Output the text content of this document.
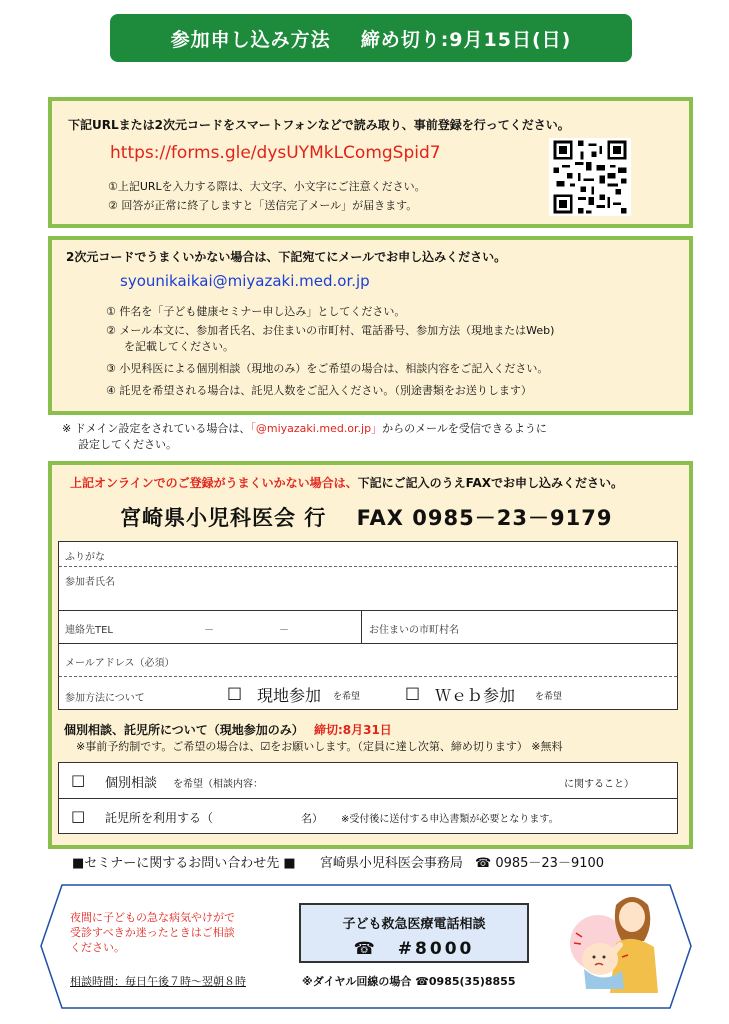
参加申し込み方法 締め切り:9月15日(日)
下記URLまたは2次元コードをスマートフォンなどで読み取り、事前登録を行ってください。
https://forms.gle/dysUYMkLComgSpid7
①上記URLを入力する際は、大文字、小文字にご注意ください。
② 回答が正常に終了しますと「送信完了メール」が届きます。
2次元コードでうまくいかない場合は、下記宛てにメールでお申し込みください。
syounikaikai@miyazaki.med.or.jp
① 件名を「子ども健康セミナー申し込み」としてください。
② メール本文に、参加者氏名、お住まいの市町村、電話番号、参加方法（現地またはWeb)
を記載してください。
③ 小児科医による個別相談（現地のみ）をご希望の場合は、相談内容をご記入ください。
④ 託児を希望される場合は、託児人数をご記入ください。（別途書類をお送りします）
※ ドメイン設定をされている場合は、「@miyazaki.med.or.jp」からのメールを受信できるように
設定してください。
上記オンラインでのご登録がうまくいかない場合は、下記にご記入のうえFAXでお申し込みください。
宮崎県小児科医会 行　 FAX 0985－23－9179
ふりがな
参加者氏名
連絡先TEL	－	－	お住まいの市町村名
メールアドレス（必須）
参加方法について	□ 現地参加 を希望	□ Ｗｅｂ参加 を希望
個別相談、託児所について（現地参加のみ） 締切:8月31日
※事前予約制です。ご希望の場合は、☑をお願いします。（定員に達し次第、締め切ります） ※無料
□ 個別相談 を希望（相談内容：	に関すること）
□ 託児所を利用する（	名） ※受付後に送付する申込書類が必要となります。
■セミナーに関するお問い合わせ先 ■ 宮崎県小児科医会事務局 ☎ 0985－23－9100
夜間に子どもの急な病気やけがで
受診すべきか迷ったときはご相談
ください。
子ども救急医療電話相談
☎　#8000
相談時間：毎日午後７時～翌朝８時	※ダイヤル回線の場合 ☎0985(35)8855
